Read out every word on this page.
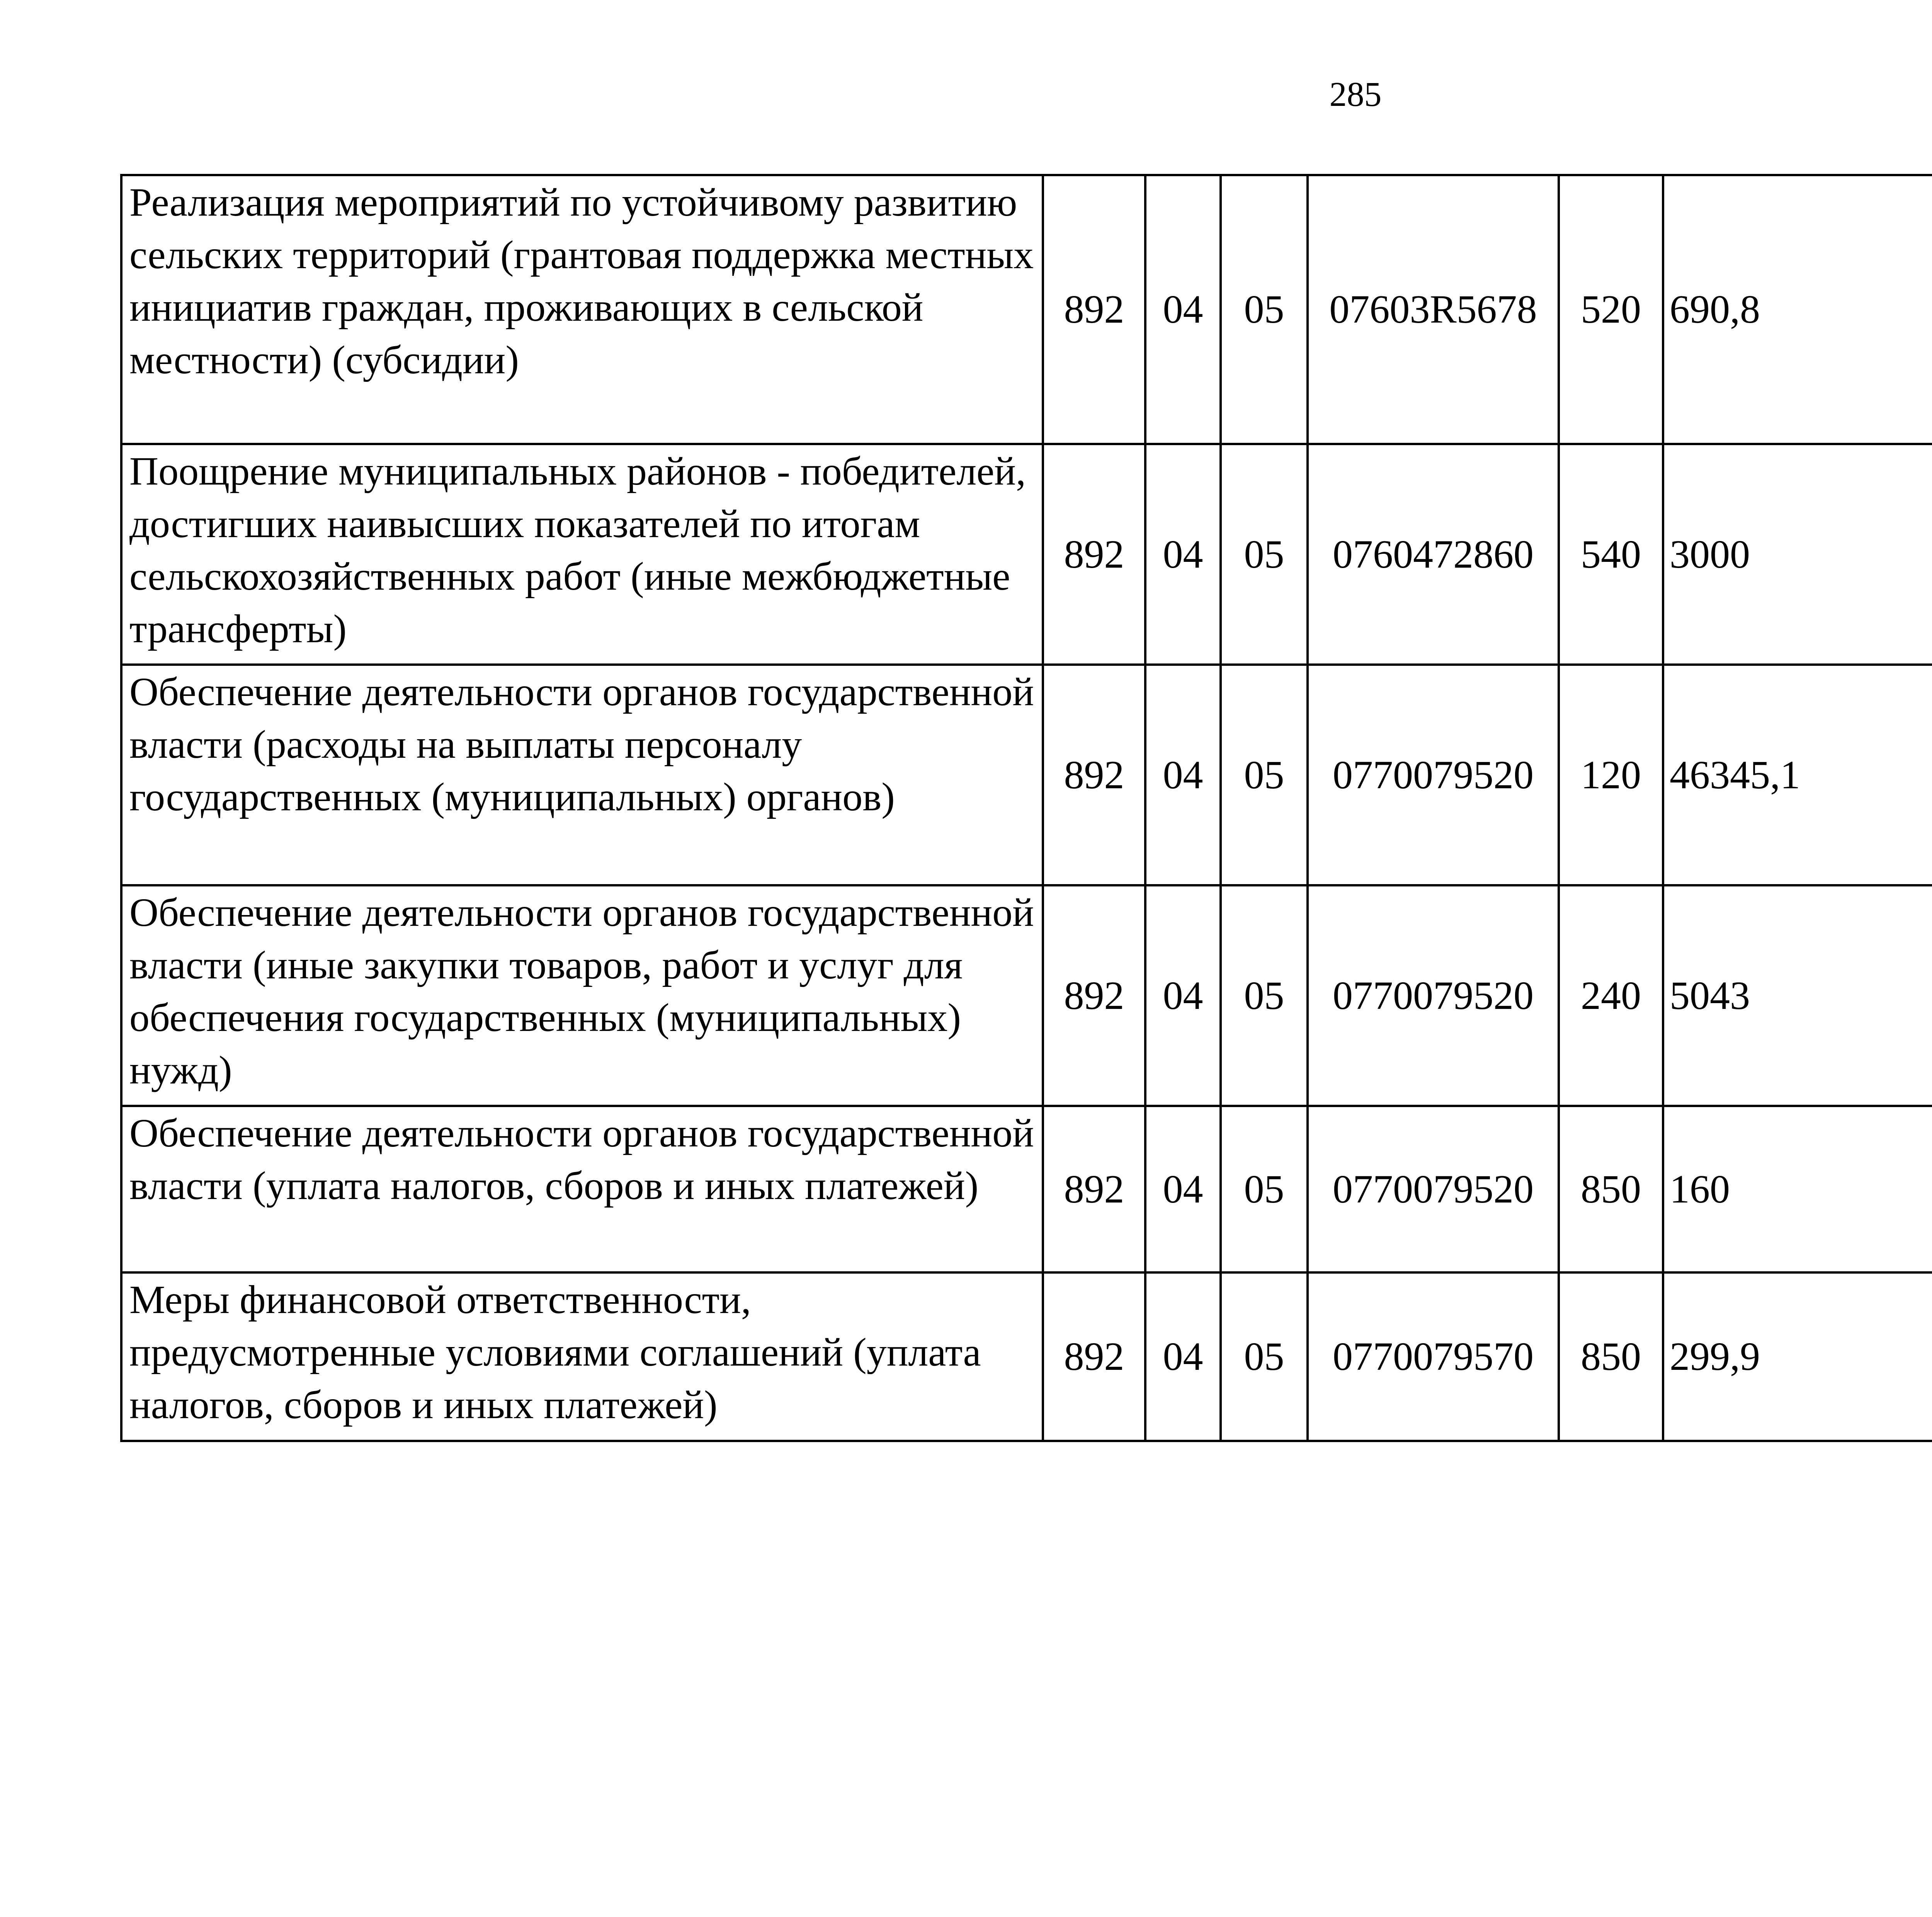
285
Реализация мероприятий по устойчивому развитию сельских территорий (грантовая поддержка местных инициатив граждан, проживающих в сельской местности) (субсидии)	892	04	05	07603R5678	520	690,8		
Поощрение муниципальных районов - победителей, достигших наивысших показателей по итогам сельскохозяйственных работ (иные межбюджетные трансферты)	892	04	05	0760472860	540	3000		
Обеспечение деятельности органов государственной власти (расходы на выплаты персоналу государственных (муниципальных) органов)	892	04	05	0770079520	120	46345,1		
Обеспечение деятельности органов государственной власти (иные закупки товаров, работ и услуг для обеспечения государственных (муниципальных) нужд)	892	04	05	0770079520	240	5043		
Обеспечение деятельности органов государственной власти (уплата налогов, сборов и иных платежей)	892	04	05	0770079520	850	160		
Меры финансовой ответственности, предусмотренные условиями соглашений (уплата налогов, сборов и иных платежей)	892	04	05	0770079570	850	299,9		
